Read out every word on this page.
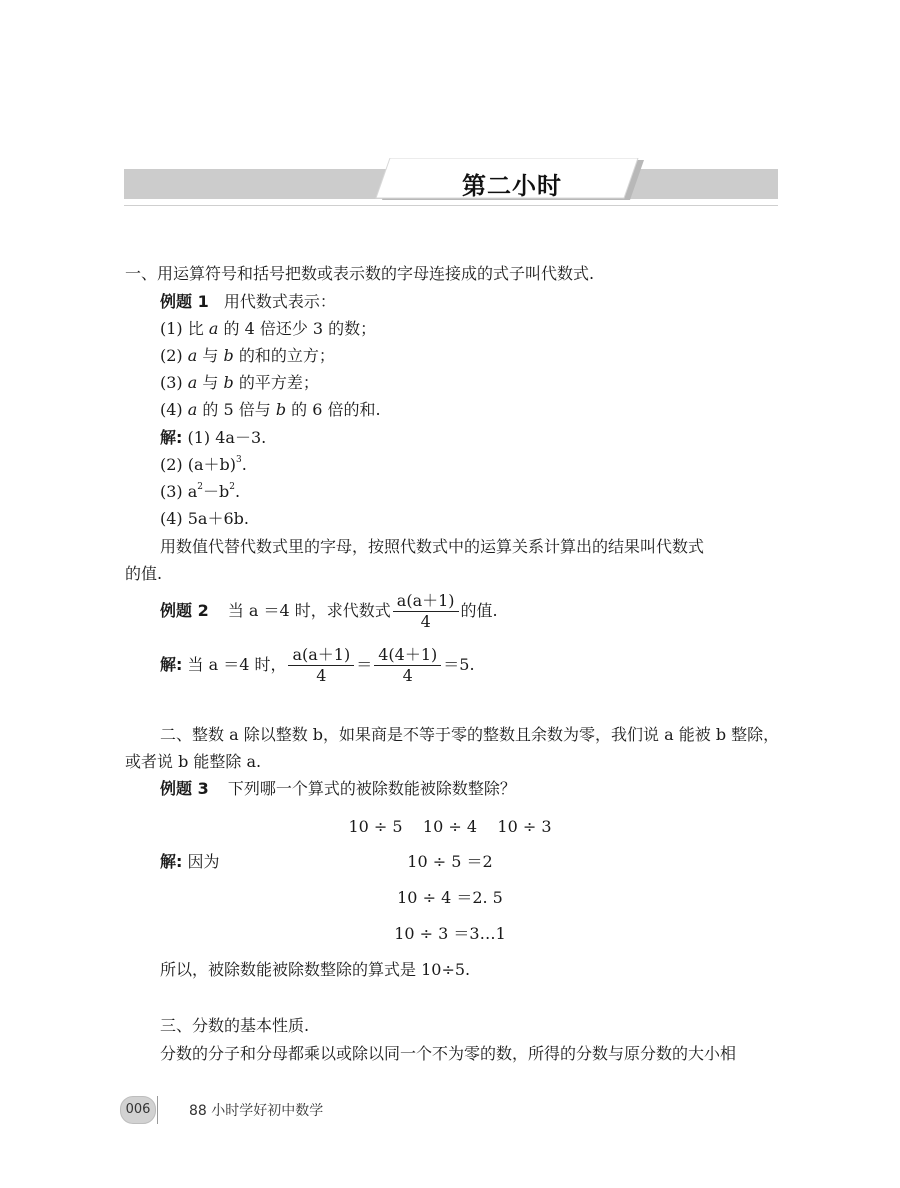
第二小时
一、用运算符号和括号把数或表示数的字母连接成的式子叫代数式.
例题 1 用代数式表示：
(1) 比 a 的 4 倍还少 3 的数；
(2) a 与 b 的和的立方；
(3) a 与 b 的平方差；
(4) a 的 5 倍与 b 的 6 倍的和.
解: (1) 4a－3.
(2) $(a+b)^3$.
(3) $a^2-b^2$.
(4) 5a＋6b.
用数值代替代数式里的字母，按照代数式中的运算关系计算出的结果叫代数式
的值.
例题 2 当 a ＝4 时，求代数式 $\frac{a(a+1)}{4}$ 的值.
解: 当 a ＝4 时， $\frac{a(a+1)}{4} = \frac{4(4+1)}{4} =5$.
二、整数 a 除以整数 b，如果商是不等于零的整数且余数为零，我们说 a 能被 b 整除，
或者说 b 能整除 a.
例题 3 下列哪一个算式的被除数能被除数整除？
10 ÷ 5    10 ÷ 4    10 ÷ 3
解: 因为	10 ÷ 5 ＝2
10 ÷ 4 ＝2. 5
10 ÷ 3 ＝3…1
所以，被除数能被除数整除的算式是 10÷5.
三、分数的基本性质.
分数的分子和分母都乘以或除以同一个不为零的数，所得的分数与原分数的大小相
006	88 小时学好初中数学
